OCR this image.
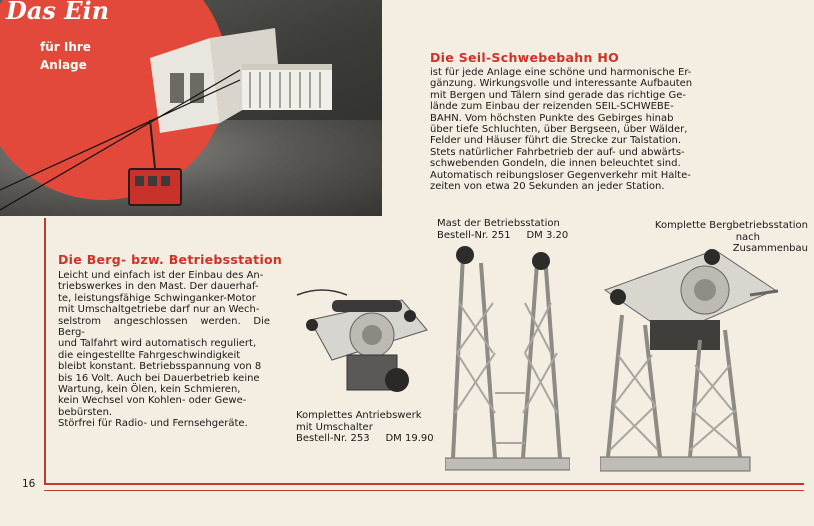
Das Ein
für Ihre
Anlage	Die Seil-Schwebebahn HO
ist für jede Anlage eine schöne und harmonische Er-
gänzung. Wirkungsvolle und interessante Aufbauten
mit Bergen und Tälern sind gerade das richtige Ge-
lände zum Einbau der reizenden SEIL-SCHWEBE-
BAHN. Vom höchsten Punkte des Gebirges hinab
über tiefe Schluchten, über Bergseen, über Wälder,
Felder und Häuser führt die Strecke zur Talstation.
Stets natürlicher Fahrbetrieb der auf- und abwärts-
schwebenden Gondeln, die innen beleuchtet sind.
Automatisch reibungsloser Gegenverkehr mit Halte-
zeiten von etwa 20 Sekunden an jeder Station.
Die Berg- bzw. Betriebsstation
Leicht und einfach ist der Einbau des An-
triebswerkes in den Mast. Der dauerhaf-
te, leistungsfähige Schwinganker-Motor
mit Umschaltgetriebe darf nur an Wech-
selstrom angeschlossen werden. Die Berg-
und Talfahrt wird automatisch reguliert,
die eingestellte Fahrgeschwindigkeit
bleibt konstant. Betriebsspannung von 8
bis 16 Volt. Auch bei Dauerbetrieb keine
Wartung, kein Ölen, kein Schmieren,
kein Wechsel von Kohlen- oder Gewe-
bebürsten.
Störfrei für Radio- und Fernsehgeräte.
Mast der Betriebsstation
Bestell-Nr. 251     DM 3.20
Komplette Bergbetriebsstation
nach
Zusammenbau
Komplettes Antriebswerk
mit Umschalter
Bestell-Nr. 253     DM 19.90
16
